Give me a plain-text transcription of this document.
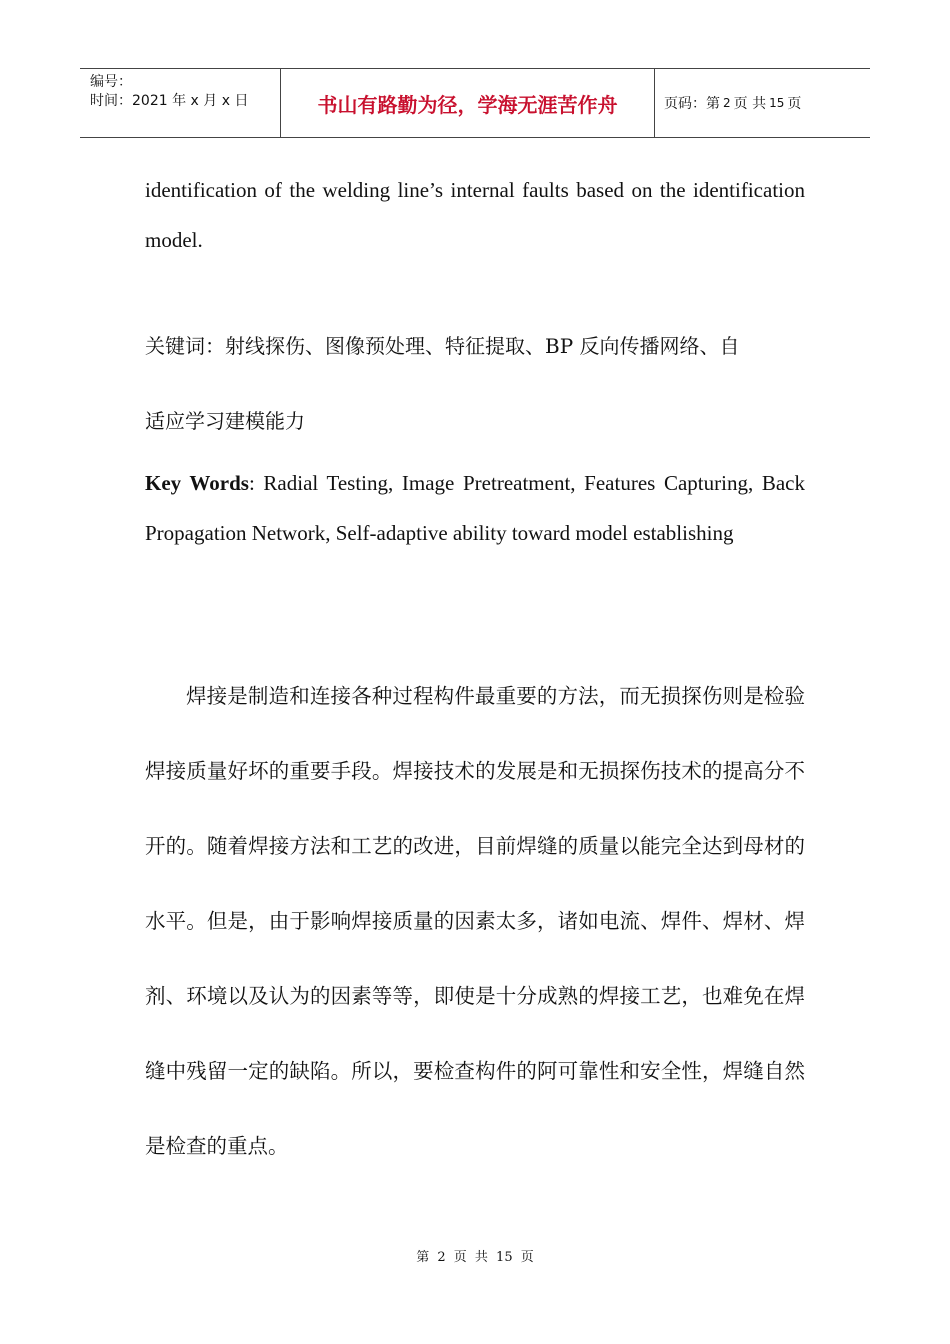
编号：
时间：2021 年 x 月 x 日	书山有路勤为径，学海无涯苦作舟	页码：第 2 页 共 15 页
identification of the welding line’s internal faults based on the identification model.
关键词：射线探伤、图像预处理、特征提取、BP 反向传播网络、自
适应学习建模能力
Key Words: Radial Testing, Image Pretreatment, Features Capturing, Back Propagation Network, Self-adaptive ability toward model establishing
焊接是制造和连接各种过程构件最重要的方法，而无损探伤则是检验焊接质量好坏的重要手段。焊接技术的发展是和无损探伤技术的提高分不开的。随着焊接方法和工艺的改进，目前焊缝的质量以能完全达到母材的水平。但是，由于影响焊接质量的因素太多，诸如电流、焊件、焊材、焊剂、环境以及认为的因素等等，即使是十分成熟的焊接工艺，也难免在焊缝中残留一定的缺陷。所以，要检查构件的阿可靠性和安全性，焊缝自然是检查的重点。
第 2 页 共 15 页
